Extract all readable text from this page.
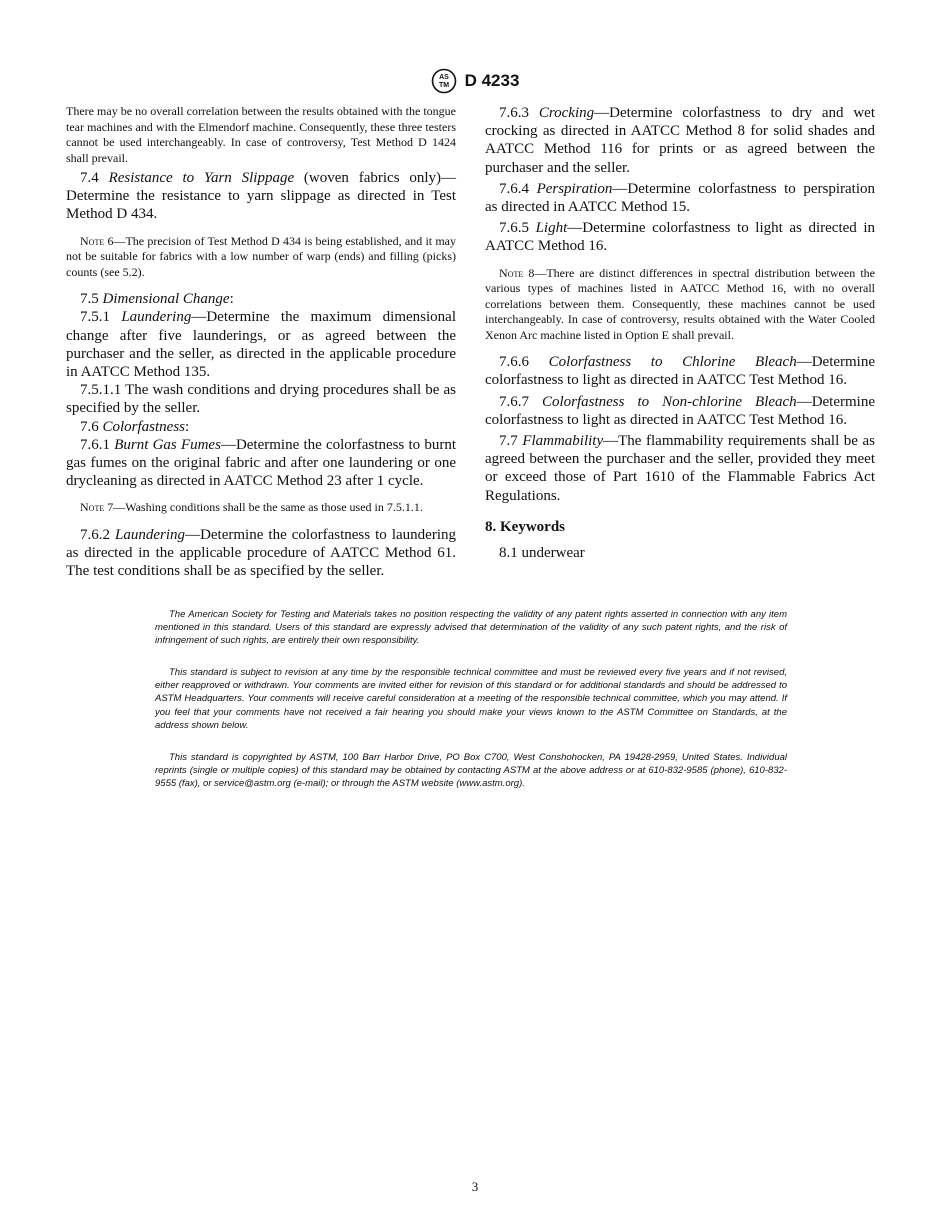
AS
TM D 4233

There may be no overall correlation between the results obtained with the tongue tear machines and with the Elmendorf machine. Consequently, these three testers cannot be used interchangeably. In case of controversy, Test Method D 1424 shall prevail.

7.4 Resistance to Yarn Slippage (woven fabrics only)—Determine the resistance to yarn slippage as directed in Test Method D 434.

Note 6—The precision of Test Method D 434 is being established, and it may not be suitable for fabrics with a low number of warp (ends) and filling (picks) counts (see 5.2).

7.5 Dimensional Change:

7.5.1 Laundering—Determine the maximum dimensional change after five launderings, or as agreed between the purchaser and the seller, as directed in the applicable procedure in AATCC Method 135.

7.5.1.1 The wash conditions and drying procedures shall be as specified by the seller.

7.6 Colorfastness:

7.6.1 Burnt Gas Fumes—Determine the colorfastness to burnt gas fumes on the original fabric and after one laundering or one drycleaning as directed in AATCC Method 23 after 1 cycle.

Note 7—Washing conditions shall be the same as those used in 7.5.1.1.

7.6.2 Laundering—Determine the colorfastness to laundering as directed in the applicable procedure of AATCC Method 61. The test conditions shall be as specified by the seller.

7.6.3 Crocking—Determine colorfastness to dry and wet crocking as directed in AATCC Method 8 for solid shades and AATCC Method 116 for prints or as agreed between the purchaser and the seller.

7.6.4 Perspiration—Determine colorfastness to perspiration as directed in AATCC Method 15.

7.6.5 Light—Determine colorfastness to light as directed in AATCC Method 16.

Note 8—There are distinct differences in spectral distribution between the various types of machines listed in AATCC Method 16, with no overall correlations between them. Consequently, these machines cannot be used interchangeably. In case of controversy, results obtained with the Water Cooled Xenon Arc machine listed in Option E shall prevail.

7.6.6 Colorfastness to Chlorine Bleach—Determine colorfastness to light as directed in AATCC Test Method 16.

7.6.7 Colorfastness to Non-chlorine Bleach—Determine colorfastness to light as directed in AATCC Test Method 16.

7.7 Flammability—The flammability requirements shall be as agreed between the purchaser and the seller, provided they meet or exceed those of Part 1610 of the Flammable Fabrics Act Regulations.

8. Keywords

8.1 underwear

The American Society for Testing and Materials takes no position respecting the validity of any patent rights asserted in connection with any item mentioned in this standard. Users of this standard are expressly advised that determination of the validity of any such patent rights, and the risk of infringement of such rights, are entirely their own responsibility.

This standard is subject to revision at any time by the responsible technical committee and must be reviewed every five years and if not revised, either reapproved or withdrawn. Your comments are invited either for revision of this standard or for additional standards and should be addressed to ASTM Headquarters. Your comments will receive careful consideration at a meeting of the responsible technical committee, which you may attend. If you feel that your comments have not received a fair hearing you should make your views known to the ASTM Committee on Standards, at the address shown below.

This standard is copyrighted by ASTM, 100 Barr Harbor Drive, PO Box C700, West Conshohocken, PA 19428-2959, United States. Individual reprints (single or multiple copies) of this standard may be obtained by contacting ASTM at the above address or at 610-832-9585 (phone), 610-832-9555 (fax), or service@astm.org (e-mail); or through the ASTM website (www.astm.org).

3
